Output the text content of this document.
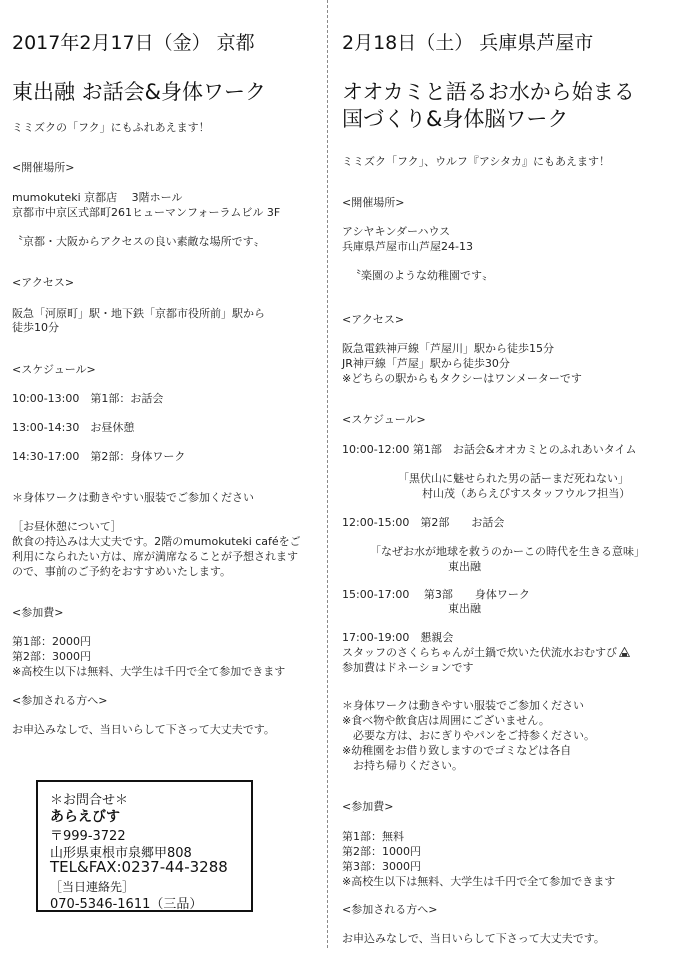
2017年2月17日（金） 京都
東出融 お話会&身体ワーク
ミミズクの「フク」にもふれあえます！
<開催場所>
mumokuteki 京都店　 3階ホール
京都市中京区式部町261ヒューマンフォーラムビル 3F
〝京都・大阪からアクセスの良い素敵な場所です〟
<アクセス>
阪急「河原町」駅・地下鉄「京都市役所前」駅から
徒歩10分
<スケジュール>
10:00-13:00　第1部：お話会
13:00-14:30　お昼休憩
14:30-17:00　第2部：身体ワーク
＊身体ワークは動きやすい服装でご参加ください
［お昼休憩について］
飲食の持込みは大丈夫です。2階のmumokuteki caféをご
利用になられたい方は、席が満席なることが予想されます
ので、事前のご予約をおすすめいたします。
<参加費>
第1部：2000円
第2部：3000円
※高校生以下は無料、大学生は千円で全て参加できます
<参加される方へ>
お申込みなしで、当日いらして下さって大丈夫です。
＊お問合せ＊
あらえびす
〒999-3722
山形県東根市泉郷甲808
TEL&FAX:0237-44-3288
［当日連絡先］
070-5346-1611（三品）
2月18日（土） 兵庫県芦屋市
オオカミと語るお水から始まる
国づくり&身体脳ワーク
ミミズク「フク」、ウルフ『アシタカ』にもあえます！
<開催場所>
アシヤキンダーハウス
兵庫県芦屋市山芦屋24-13
〝楽園のような幼稚園です〟
<アクセス>
阪急電鉄神戸線「芦屋川」駅から徒歩15分
JR神戸線「芦屋」駅から徒歩30分
※どちらの駅からもタクシーはワンメーターです
<スケジュール>
10:00-12:00 第1部　お話会&オオカミとのふれあいタイム
「黒伏山に魅せられた男の話ーまだ死ねない」
村山茂（あらえびすスタッフウルフ担当）
12:00-15:00　第2部　　お話会
「なぜお水が地球を救うのかーこの時代を生きる意味」
東出融
15:00-17:00　 第3部　　身体ワーク
東出融
17:00-19:00　懇親会
スタッフのさくらちゃんが土鍋で炊いた伏流水おむすび
参加費はドネーションです
＊身体ワークは動きやすい服装でご参加ください
※食べ物や飲食店は周囲にございません。
　必要な方は、おにぎりやパンをご持参ください。
※幼稚園をお借り致しますのでゴミなどは各自
　お持ち帰りください。
<参加費>
第1部：無料
第2部：1000円
第3部：3000円
※高校生以下は無料、大学生は千円で全て参加できます
<参加される方へ>
お申込みなしで、当日いらして下さって大丈夫です。
